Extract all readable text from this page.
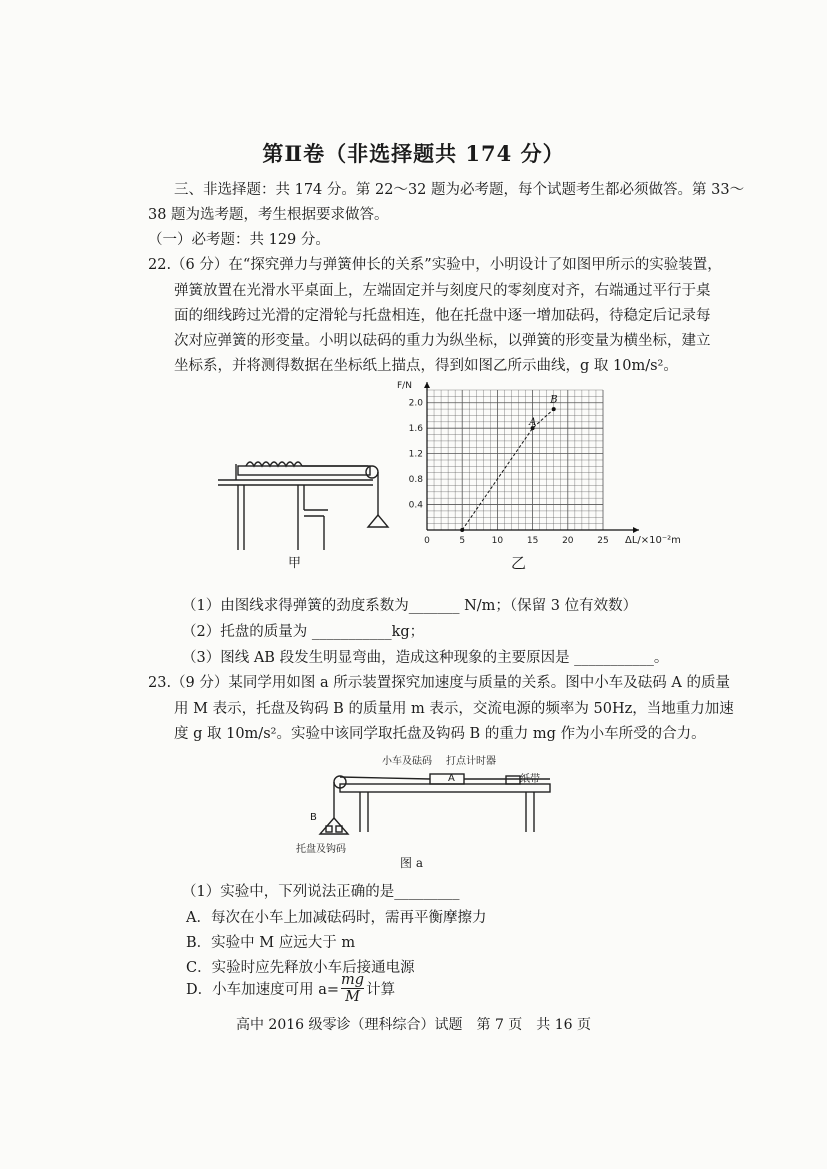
第Ⅱ卷（非选择题共 174 分）
三、非选择题：共 174 分。第 22～32 题为必考题，每个试题考生都必须做答。第 33～
38 题为选考题，考生根据要求做答。
（一）必考题：共 129 分。
22.（6 分）在“探究弹力与弹簧伸长的关系”实验中，小明设计了如图甲所示的实验装置，
弹簧放置在光滑水平桌面上，左端固定并与刻度尺的零刻度对齐，右端通过平行于桌
面的细线跨过光滑的定滑轮与托盘相连，他在托盘中逐一增加砝码，待稳定后记录每
次对应弹簧的形变量。小明以砝码的重力为纵坐标，以弹簧的形变量为横坐标，建立
坐标系，并将测得数据在坐标纸上描点，得到如图乙所示曲线，g 取 10m/s²。
甲
0	5	10	15	20	25
0.4
0.8
1.2
1.6
2.0
ΔL/×10⁻²m
F/N
A
B
乙
（1）由图线求得弹簧的劲度系数为_______ N/m；（保留 3 位有效数）
（2）托盘的质量为 ___________kg；
（3）图线 AB 段发生明显弯曲，造成这种现象的主要原因是 ___________。
23.（9 分）某同学用如图 a 所示装置探究加速度与质量的关系。图中小车及砝码 A 的质量
用 M 表示，托盘及钩码 B 的质量用 m 表示，交流电源的频率为 50Hz，当地重力加速
度 g 取 10m/s²。实验中该同学取托盘及钩码 B 的重力 mg 作为小车所受的合力。
小车及砝码 打点计时器
纸带
A
B
托盘及钩码
图 a
（1）实验中，下列说法正确的是_________
A．每次在小车上加减砝码时，需再平衡摩擦力
B．实验中 M 应远大于 m
C．实验时应先释放小车后接通电源
D．小车加速度可用 $a= \frac{mg}{M}$ 计算
高中 2016 级零诊（理科综合）试题　第 7 页　共 16 页
